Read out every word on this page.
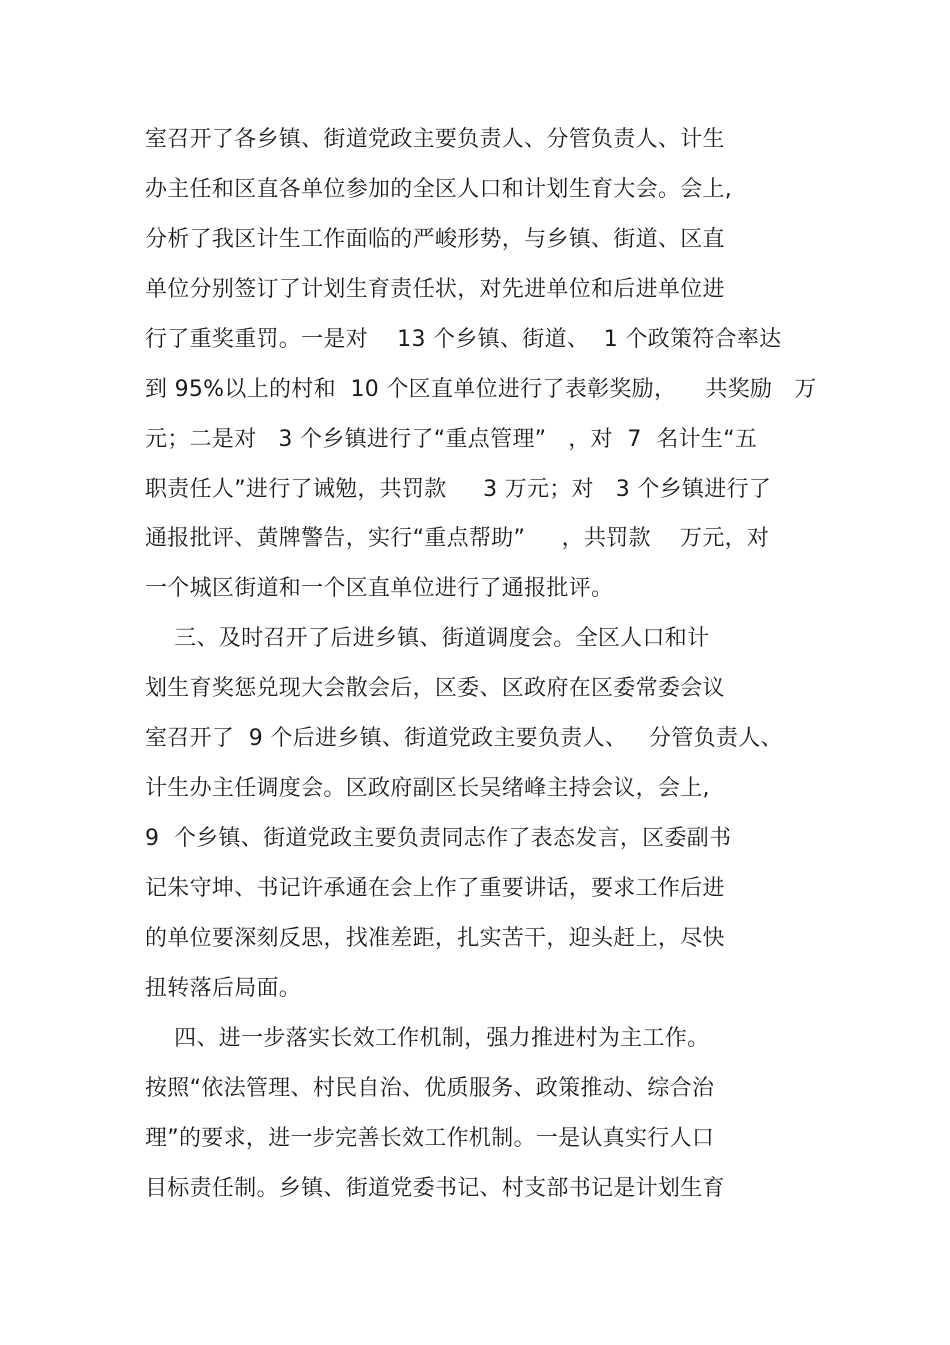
室召开了各乡镇、街道党政主要负责人、分管负责人、计生
办主任和区直各单位参加的全区人口和计划生育大会。会上,
分析了我区计生工作面临的严峻形势，与乡镇、街道、区直
单位分别签订了计划生育责任状，对先进单位和后进单位进
行了重奖重罚。一是对    13 个乡镇、街道、  1 个政策符合率达
到 95%以上的村和  10 个区直单位进行了表彰奖励，    共奖励   万
元；二是对   3 个乡镇进行了“重点管理”   ，对  7  名计生“五
职责任人”进行了诫勉，共罚款     3 万元；对   3 个乡镇进行了
通报批评、黄牌警告，实行“重点帮助”     ，共罚款    万元，对
一个城区街道和一个区直单位进行了通报批评。
三、及时召开了后进乡镇、街道调度会。全区人口和计
划生育奖惩兑现大会散会后，区委、区政府在区委常委会议
室召开了  9 个后进乡镇、街道党政主要负责人、   分管负责人、
计生办主任调度会。区政府副区长吴绪峰主持会议，会上,
9  个乡镇、街道党政主要负责同志作了表态发言，区委副书
记朱守坤、书记许承通在会上作了重要讲话，要求工作后进
的单位要深刻反思，找准差距，扎实苦干，迎头赶上，尽快
扭转落后局面。
四、进一步落实长效工作机制，强力推进村为主工作。
按照“依法管理、村民自治、优质服务、政策推动、综合治
理”的要求，进一步完善长效工作机制。一是认真实行人口
目标责任制。乡镇、街道党委书记、村支部书记是计划生育
